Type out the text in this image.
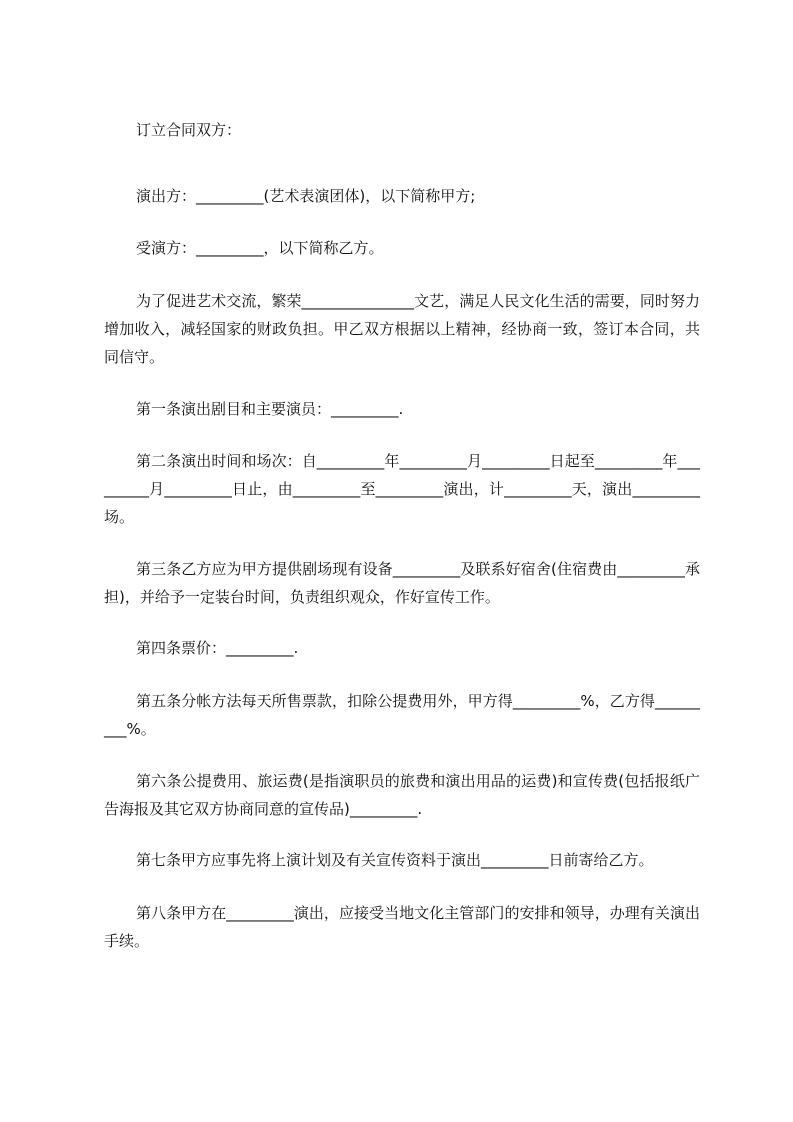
订立合同双方：

演出方：_________(艺术表演团体)，以下简称甲方;

受演方：_________，以下简称乙方。

为了促进艺术交流，繁荣_______________文艺，满足人民文化生活的需要，同时努力增加收入，减轻国家的财政负担。甲乙双方根据以上精神，经协商一致，签订本合同，共同信守。

第一条演出剧目和主要演员：_________.

第二条演出时间和场次：自_________年_________月_________日起至_________年_________月_________日止，由_________至_________演出，计_________天，演出_________场。

第三条乙方应为甲方提供剧场现有设备_________及联系好宿舍(住宿费由_________承担)，并给予一定装台时间，负责组织观众，作好宣传工作。

第四条票价：_________.

第五条分帐方法每天所售票款，扣除公提费用外，甲方得_________%，乙方得_________%。

第六条公提费用、旅运费(是指演职员的旅费和演出用品的运费)和宣传费(包括报纸广告海报及其它双方协商同意的宣传品)_________.

第七条甲方应事先将上演计划及有关宣传资料于演出_________日前寄给乙方。

第八条甲方在_________演出，应接受当地文化主管部门的安排和领导，办理有关演出手续。
